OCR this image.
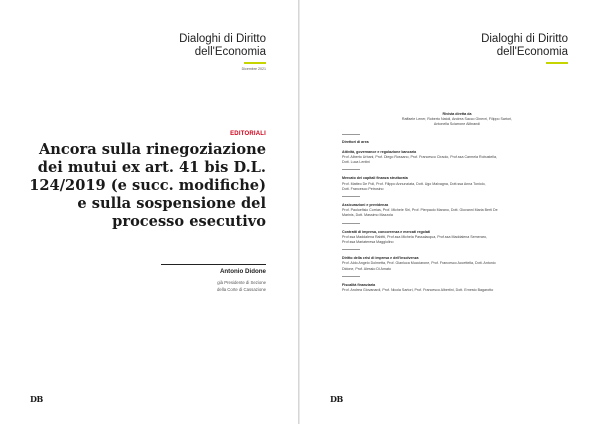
Dialoghi di Diritto
dell'Economia
Dicembre 2021
EDITORIALI
Ancora sulla rinegoziazione
dei mutui ex art. 41 bis D.L.
124/2019 (e succ. modifiche)
e sulla sospensione del
processo esecutivo
Antonio Didone
già Presidente di Sezione
della Corte di Cassazione
DB
Dialoghi di Diritto
dell'Economia
Rivista diretta da
Raffaele Lener, Roberto Natoli, Andrea Sacco Ginevri, Filippo Sartori,
Antonella Sciarrone Alibrandi
Direttori di area
Attività, governance e regolazione bancaria
Prof. Alberto Urbani, Prof. Diego Rossano, Prof. Francesco Ciraolo, Prof.ssa Carmela Robustella,
Dott. Luca Lentini
Mercato dei capitali finanza strutturata
Prof. Matteo De Poli, Prof. Filippo Annunziata, Dott. Ugo Malvagna, Dott.ssa Anna Toniolo,
Dott. Francesco Petrosino
Assicurazioni e previdenza
Prof. Paoloefisio Corrias, Prof. Michele Siri, Prof. Pierpaolo Marano, Dott. Giovanni Maria Berti De
Marinis, Dott. Massimo Mazzola
Contratti di impresa, concorrenza e mercati regolati
Prof.ssa Maddalena Rabitti, Prof.ssa Michela Passalacqua, Prof.ssa Maddalena Semeraro,
Prof.ssa Mariateresa Maggiolino
Diritto della crisi di impresa e dell'insolvenza
Prof. Aldo Angelo Dolmetta, Prof. Gianluca Mucciarone, Prof. Francesco Accettella, Dott. Antonio
Didone, Prof. Alessio Di Amato
Fiscalità finanziaria
Prof. Andrea Giovanardi, Prof. Nicola Sartori, Prof. Francesco Albertini, Dott. Ernesto Bagarotto
DB
